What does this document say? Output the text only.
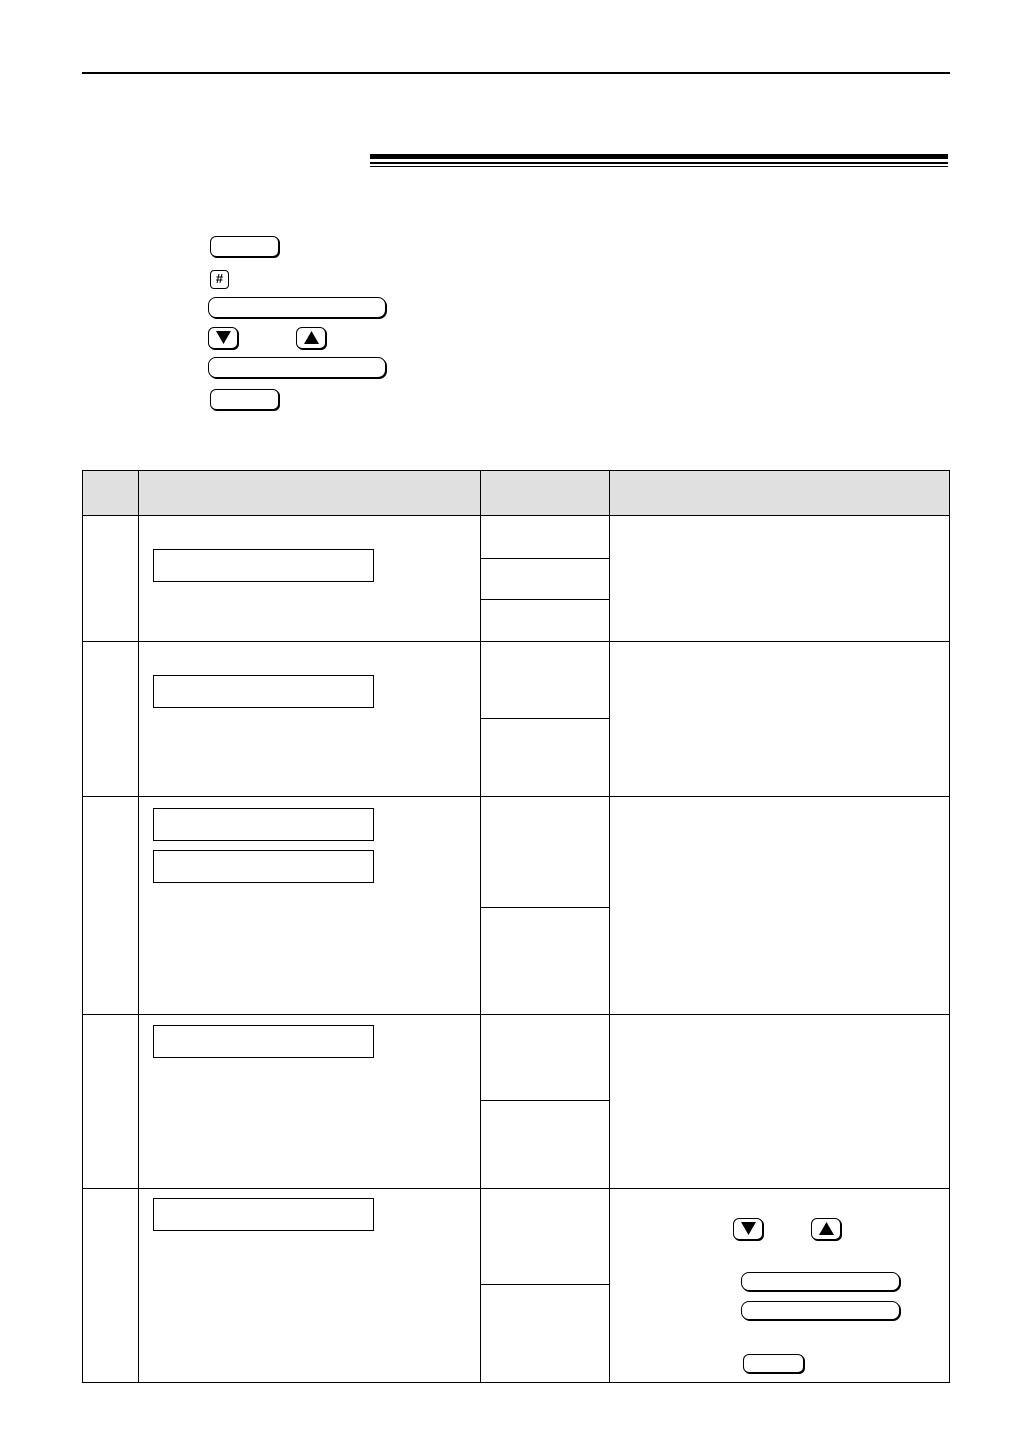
#
